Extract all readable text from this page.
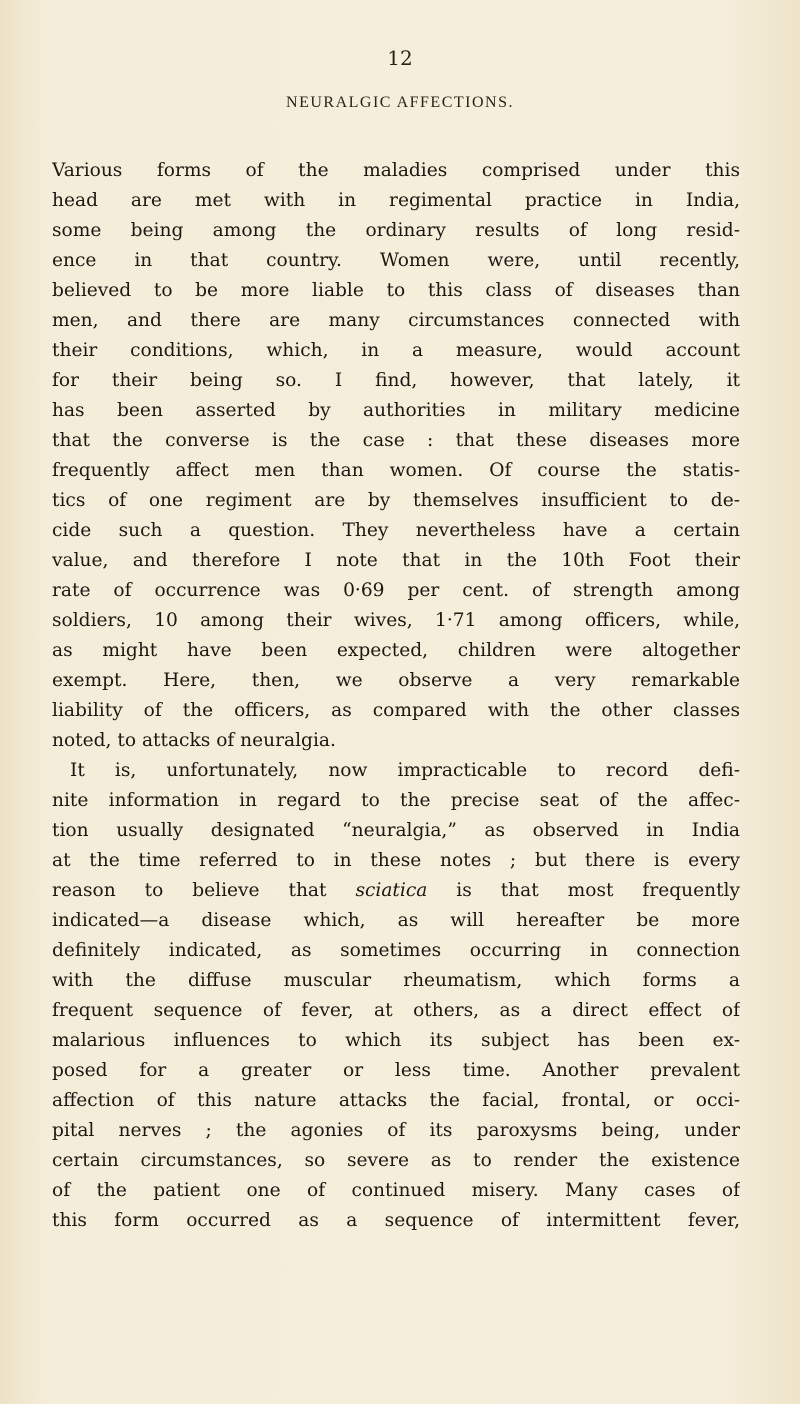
12
NEURALGIC AFFECTIONS.
Various forms of the maladies comprised under this
head are met with in regimental practice in India,
some being among the ordinary results of long resid-
ence in that country. Women were, until recently,
believed to be more liable to this class of diseases than
men, and there are many circumstances connected with
their conditions, which, in a measure, would account
for their being so. I find, however, that lately, it
has been asserted by authorities in military medicine
that the converse is the case : that these diseases more
frequently affect men than women. Of course the statis-
tics of one regiment are by themselves insufficient to de-
cide such a question. They nevertheless have a certain
value, and therefore I note that in the 10th Foot their
rate of occurrence was 0·69 per cent. of strength among
soldiers, 10 among their wives, 1·71 among officers, while,
as might have been expected, children were altogether
exempt. Here, then, we observe a very remarkable
liability of the officers, as compared with the other classes
noted, to attacks of neuralgia.
It is, unfortunately, now impracticable to record defi-
nite information in regard to the precise seat of the affec-
tion usually designated “neuralgia,” as observed in India
at the time referred to in these notes ; but there is every
reason to believe that sciatica is that most frequently
indicated—a disease which, as will hereafter be more
definitely indicated, as sometimes occurring in connection
with the diffuse muscular rheumatism, which forms a
frequent sequence of fever, at others, as a direct effect of
malarious influences to which its subject has been ex-
posed for a greater or less time. Another prevalent
affection of this nature attacks the facial, frontal, or occi-
pital nerves ; the agonies of its paroxysms being, under
certain circumstances, so severe as to render the existence
of the patient one of continued misery. Many cases of
this form occurred as a sequence of intermittent fever,
